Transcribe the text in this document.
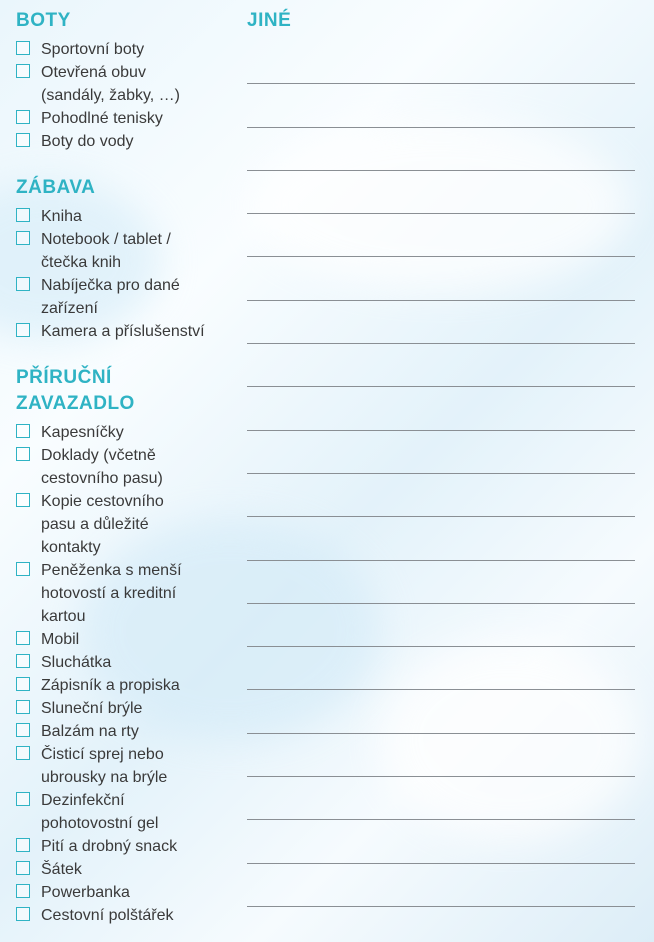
BOTY
Sportovní boty
Otevřená obuv
(sandály, žabky, …)
Pohodlné tenisky
Boty do vody
ZÁBAVA
Kniha
Notebook / tablet /
čtečka knih
Nabíječka pro dané
zařízení
Kamera a příslušenství
PŘÍRUČNÍ
ZAVAZADLO
Kapesníčky
Doklady (včetně
cestovního pasu)
Kopie cestovního
pasu a důležité
kontakty
Peněženka s menší
hotovostí a kreditní
kartou
Mobil
Sluchátka
Zápisník a propiska
Sluneční brýle
Balzám na rty
Čisticí sprej nebo
ubrousky na brýle
Dezinfekční
pohotovostní gel
Pití a drobný snack
Šátek
Powerbanka
Cestovní polštářek
JINÉ
